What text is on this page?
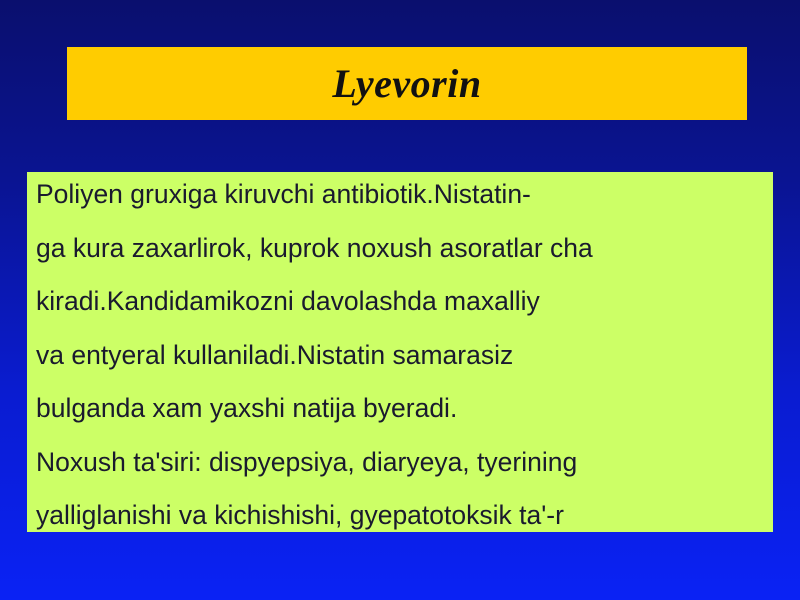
Lyevorin
Poliyen gruxiga kiruvchi antibiotik.Nistatin-
ga kura zaxarlirok, kuprok noxush asoratlar cha
kiradi.Kandidamikozni davolashda maxalliy
va entyeral kullaniladi.Nistatin samarasiz
bulganda xam yaxshi natija byeradi.
Noxush ta'siri: dispyepsiya, diaryeya, tyerining
yalliglanishi va kichishishi, gyepatotoksik ta'-r
